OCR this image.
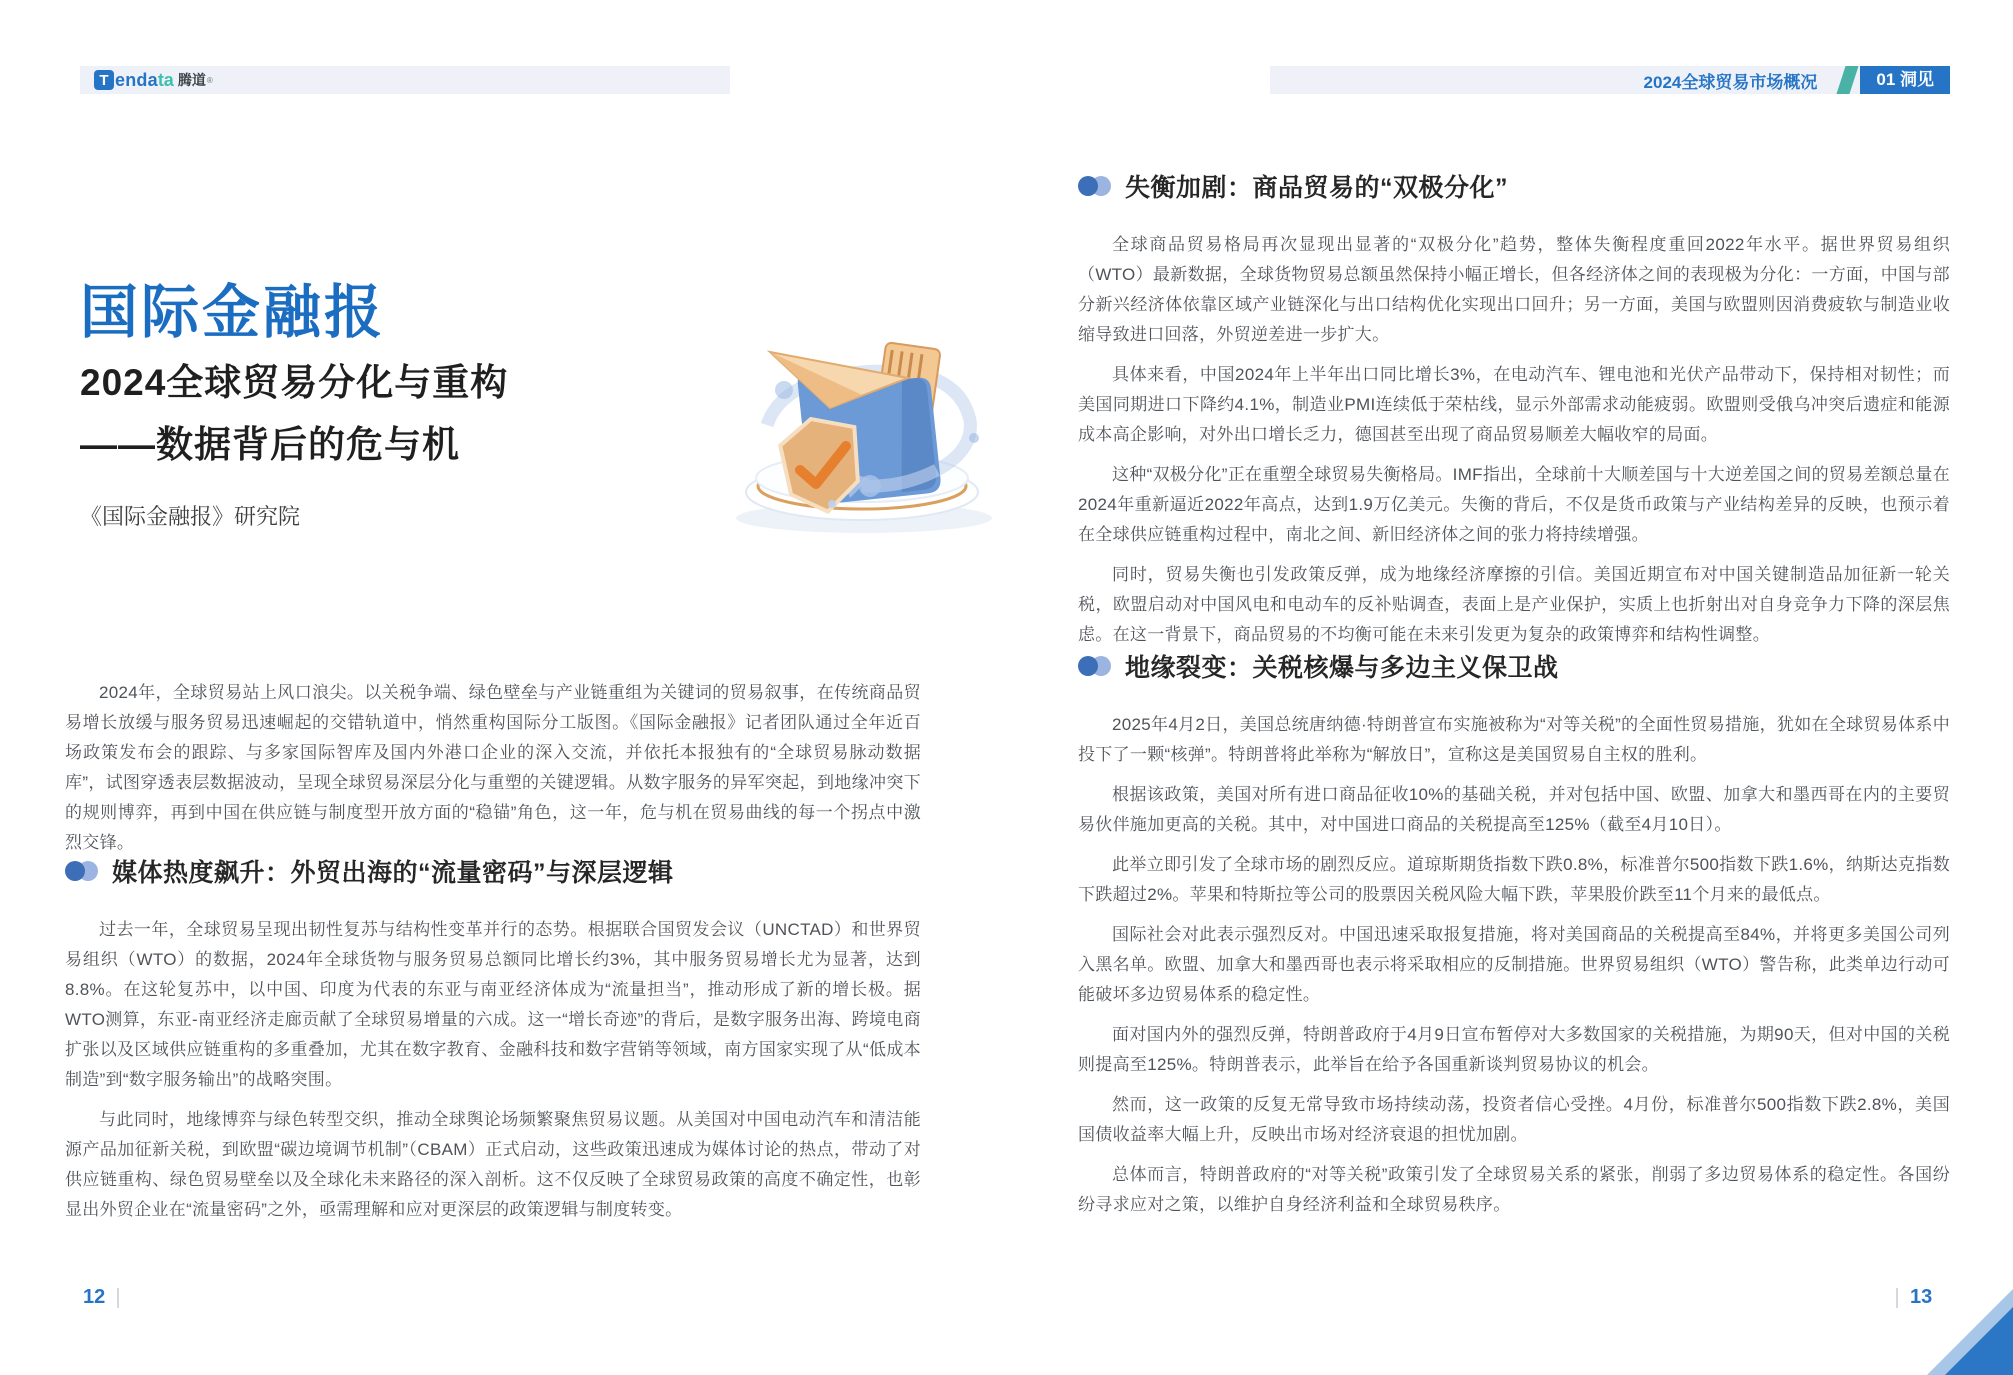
T enda ta 腾道 ®	2024全球贸易市场概况	01 洞见
国际金融报
2024全球贸易分化与重构
——数据背后的危与机
《国际金融报》研究院

2024年，全球贸易站上风口浪尖。以关税争端、绿色壁垒与产业链重组为关键词的贸易叙事，在传统商品贸易增长放缓与服务贸易迅速崛起的交错轨道中，悄然重构国际分工版图。《国际金融报》记者团队通过全年近百场政策发布会的跟踪、与多家国际智库及国内外港口企业的深入交流，并依托本报独有的“全球贸易脉动数据库”，试图穿透表层数据波动，呈现全球贸易深层分化与重塑的关键逻辑。从数字服务的异军突起，到地缘冲突下的规则博弈，再到中国在供应链与制度型开放方面的“稳锚”角色，这一年，危与机在贸易曲线的每一个拐点中激烈交锋。

媒体热度飙升：外贸出海的“流量密码”与深层逻辑

过去一年，全球贸易呈现出韧性复苏与结构性变革并行的态势。根据联合国贸发会议（UNCTAD）和世界贸易组织（WTO）的数据，2024年全球货物与服务贸易总额同比增长约3%，其中服务贸易增长尤为显著，达到8.8%。在这轮复苏中，以中国、印度为代表的东亚与南亚经济体成为“流量担当”，推动形成了新的增长极。据WTO测算，东亚-南亚经济走廊贡献了全球贸易增量的六成。这一“增长奇迹”的背后，是数字服务出海、跨境电商扩张以及区域供应链重构的多重叠加，尤其在数字教育、金融科技和数字营销等领域，南方国家实现了从“低成本制造”到“数字服务输出”的战略突围。

与此同时，地缘博弈与绿色转型交织，推动全球舆论场频繁聚焦贸易议题。从美国对中国电动汽车和清洁能源产品加征新关税，到欧盟“碳边境调节机制”（CBAM）正式启动，这些政策迅速成为媒体讨论的热点，带动了对供应链重构、绿色贸易壁垒以及全球化未来路径的深入剖析。这不仅反映了全球贸易政策的高度不确定性，也彰显出外贸企业在“流量密码”之外，亟需理解和应对更深层的政策逻辑与制度转变。

失衡加剧：商品贸易的“双极分化”

全球商品贸易格局再次显现出显著的“双极分化”趋势，整体失衡程度重回2022年水平。据世界贸易组织（WTO）最新数据，全球货物贸易总额虽然保持小幅正增长，但各经济体之间的表现极为分化：一方面，中国与部分新兴经济体依靠区域产业链深化与出口结构优化实现出口回升；另一方面，美国与欧盟则因消费疲软与制造业收缩导致进口回落，外贸逆差进一步扩大。

具体来看，中国2024年上半年出口同比增长3%，在电动汽车、锂电池和光伏产品带动下，保持相对韧性；而美国同期进口下降约4.1%，制造业PMI连续低于荣枯线，显示外部需求动能疲弱。欧盟则受俄乌冲突后遗症和能源成本高企影响，对外出口增长乏力，德国甚至出现了商品贸易顺差大幅收窄的局面。

这种“双极分化”正在重塑全球贸易失衡格局。IMF指出，全球前十大顺差国与十大逆差国之间的贸易差额总量在2024年重新逼近2022年高点，达到1.9万亿美元。失衡的背后，不仅是货币政策与产业结构差异的反映，也预示着在全球供应链重构过程中，南北之间、新旧经济体之间的张力将持续增强。

同时，贸易失衡也引发政策反弹，成为地缘经济摩擦的引信。美国近期宣布对中国关键制造品加征新一轮关税，欧盟启动对中国风电和电动车的反补贴调查，表面上是产业保护，实质上也折射出对自身竞争力下降的深层焦虑。在这一背景下，商品贸易的不均衡可能在未来引发更为复杂的政策博弈和结构性调整。

地缘裂变：关税核爆与多边主义保卫战

2025年4月2日，美国总统唐纳德·特朗普宣布实施被称为“对等关税”的全面性贸易措施，犹如在全球贸易体系中投下了一颗“核弹”。特朗普将此举称为“解放日”，宣称这是美国贸易自主权的胜利。

根据该政策，美国对所有进口商品征收10%的基础关税，并对包括中国、欧盟、加拿大和墨西哥在内的主要贸易伙伴施加更高的关税。其中，对中国进口商品的关税提高至125%（截至4月10日）。

此举立即引发了全球市场的剧烈反应。道琼斯期货指数下跌0.8%，标准普尔500指数下跌1.6%，纳斯达克指数下跌超过2%。苹果和特斯拉等公司的股票因关税风险大幅下跌，苹果股价跌至11个月来的最低点。

国际社会对此表示强烈反对。中国迅速采取报复措施，将对美国商品的关税提高至84%，并将更多美国公司列入黑名单。欧盟、加拿大和墨西哥也表示将采取相应的反制措施。世界贸易组织（WTO）警告称，此类单边行动可能破坏多边贸易体系的稳定性。

面对国内外的强烈反弹，特朗普政府于4月9日宣布暂停对大多数国家的关税措施，为期90天，但对中国的关税则提高至125%。特朗普表示，此举旨在给予各国重新谈判贸易协议的机会。

然而，这一政策的反复无常导致市场持续动荡，投资者信心受挫。4月份，标准普尔500指数下跌2.8%，美国国债收益率大幅上升，反映出市场对经济衰退的担忧加剧。

总体而言，特朗普政府的“对等关税”政策引发了全球贸易关系的紧张，削弱了多边贸易体系的稳定性。各国纷纷寻求应对之策，以维护自身经济利益和全球贸易秩序。

12	13
